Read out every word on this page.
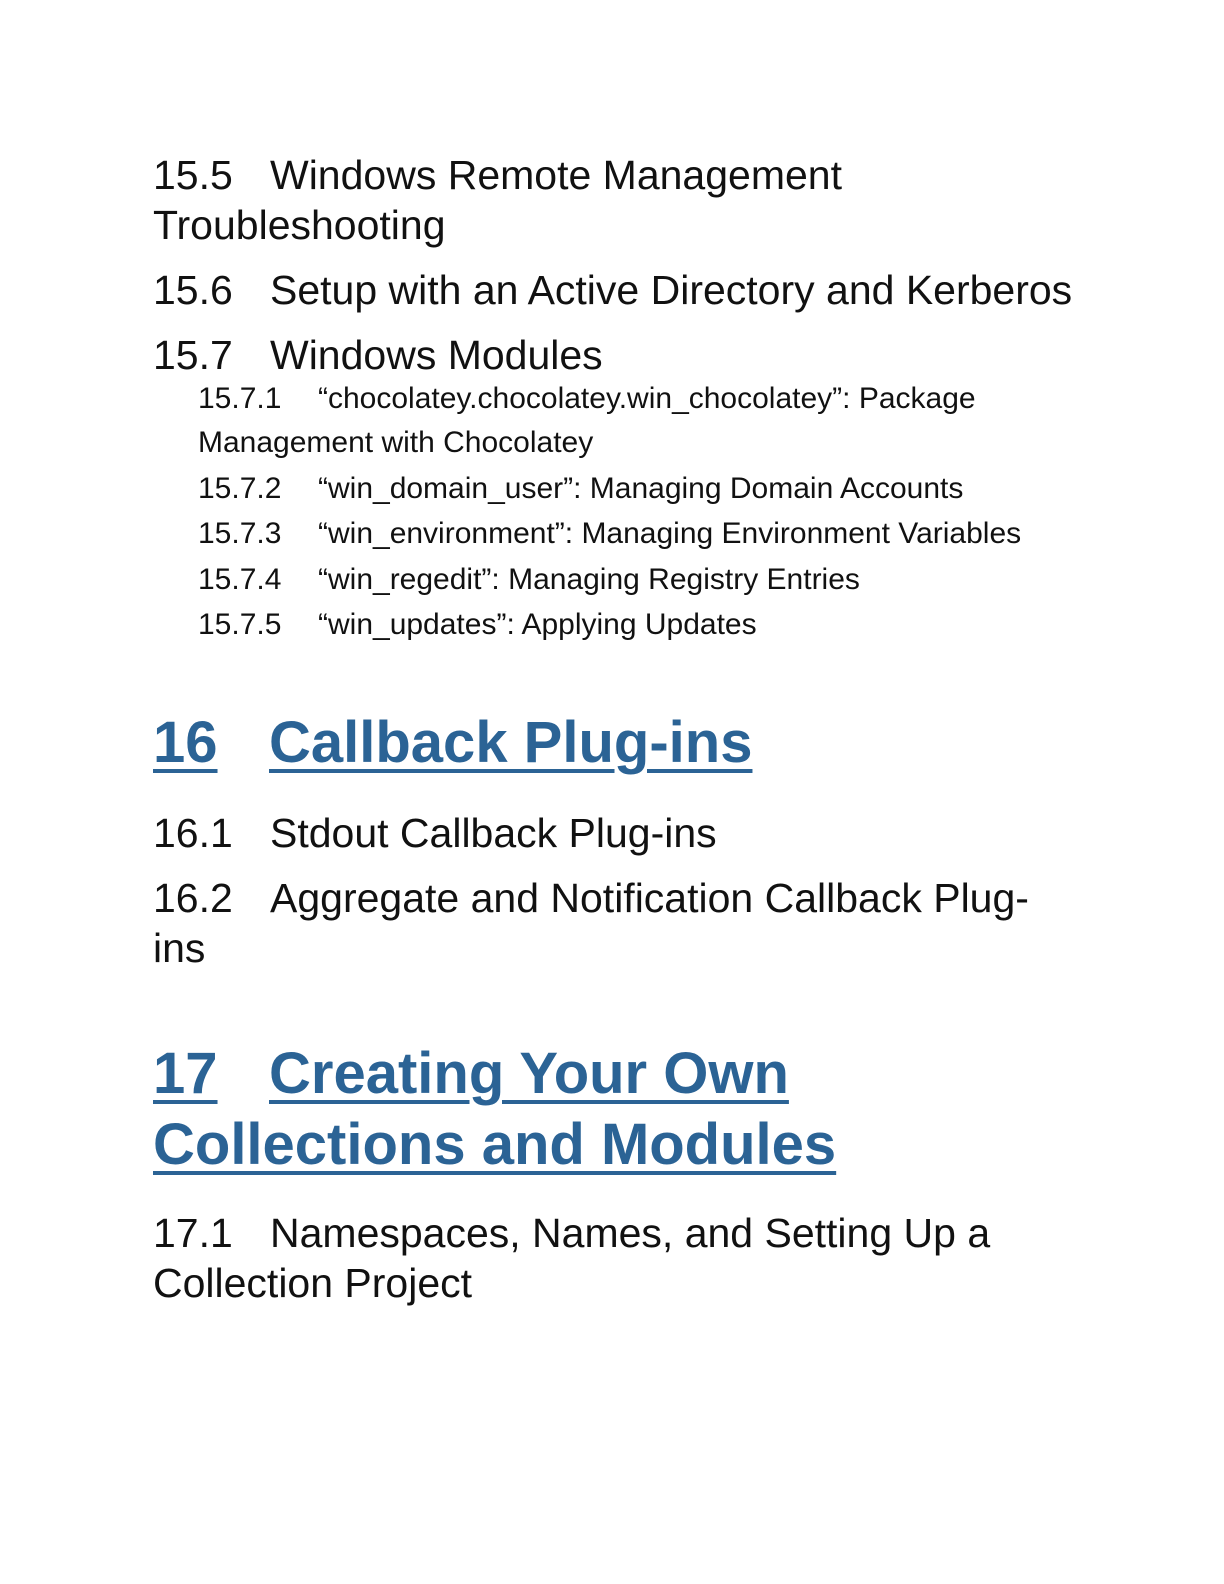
15.5 Windows Remote Management Troubleshooting

15.6 Setup with an Active Directory and Kerberos

15.7 Windows Modules

15.7.1 “chocolatey.chocolatey.win_chocolatey”: Package Management with Chocolatey

15.7.2 “win_domain_user”: Managing Domain Accounts

15.7.3 “win_environment”: Managing Environment Variables

15.7.4 “win_regedit”: Managing Registry Entries

15.7.5 “win_updates”: Applying Updates

16 Callback Plug-ins

16.1 Stdout Callback Plug-ins

16.2 Aggregate and Notification Callback Plug-ins

17 Creating Your Own Collections and Modules

17.1 Namespaces, Names, and Setting Up a Collection Project
